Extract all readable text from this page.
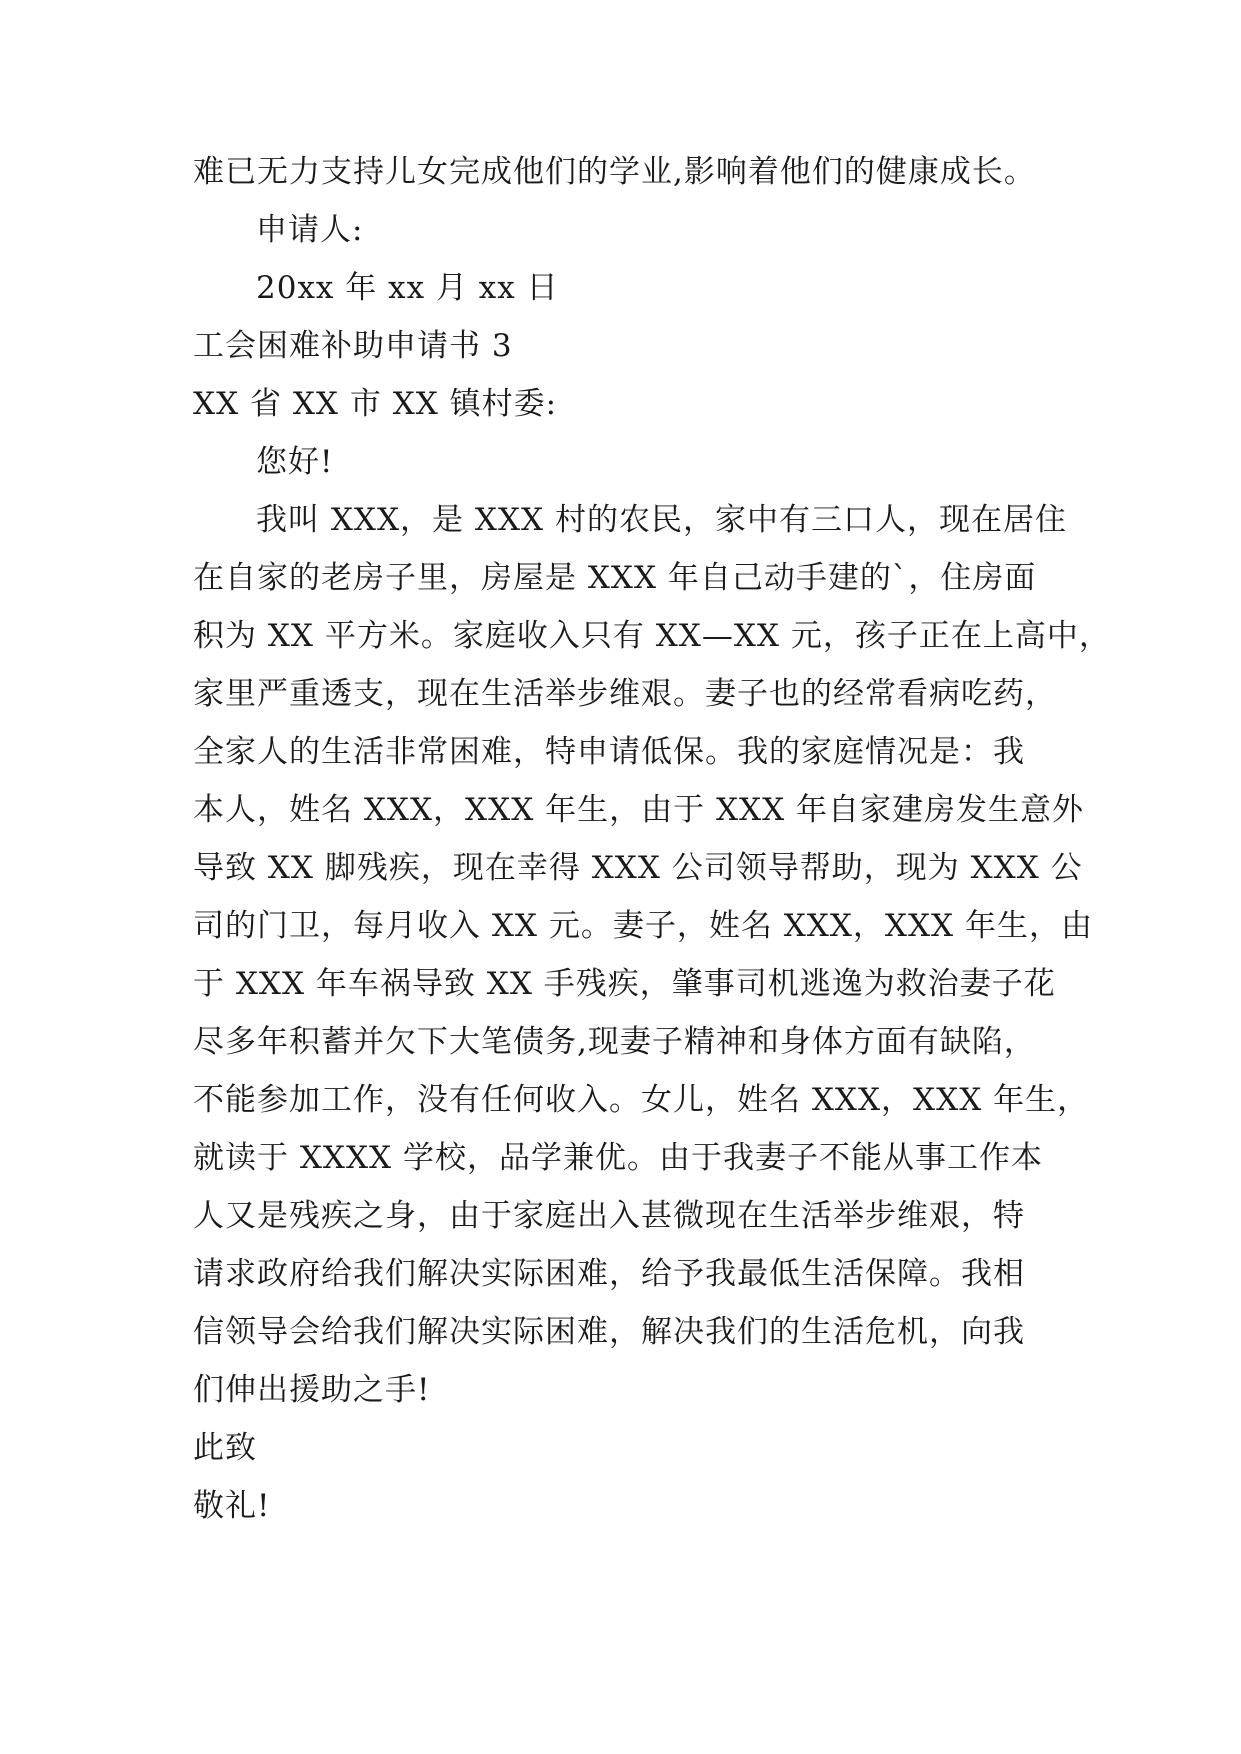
难已无力支持儿女完成他们的学业,影响着他们的健康成长。
申请人:
20xx 年 xx 月 xx 日
工会困难补助申请书 3
XX 省 XX 市 XX 镇村委:
您好!
我叫 XXX，是 XXX 村的农民，家中有三口人，现在居住
在自家的老房子里，房屋是 XXX 年自己动手建的`，住房面
积为 XX 平方米。家庭收入只有 XX—XX 元，孩子正在上高中，
家里严重透支，现在生活举步维艰。妻子也的经常看病吃药，
全家人的生活非常困难，特申请低保。我的家庭情况是：我
本人，姓名 XXX，XXX 年生，由于 XXX 年自家建房发生意外
导致 XX 脚残疾，现在幸得 XXX 公司领导帮助，现为 XXX 公
司的门卫，每月收入 XX 元。妻子，姓名 XXX，XXX 年生，由
于 XXX 年车祸导致 XX 手残疾，肇事司机逃逸为救治妻子花
尽多年积蓄并欠下大笔债务,现妻子精神和身体方面有缺陷，
不能参加工作，没有任何收入。女儿，姓名 XXX，XXX 年生，
就读于 XXXX 学校，品学兼优。由于我妻子不能从事工作本
人又是残疾之身，由于家庭出入甚微现在生活举步维艰，特
请求政府给我们解决实际困难，给予我最低生活保障。我相
信领导会给我们解决实际困难，解决我们的生活危机，向我
们伸出援助之手!
此致
敬礼!
